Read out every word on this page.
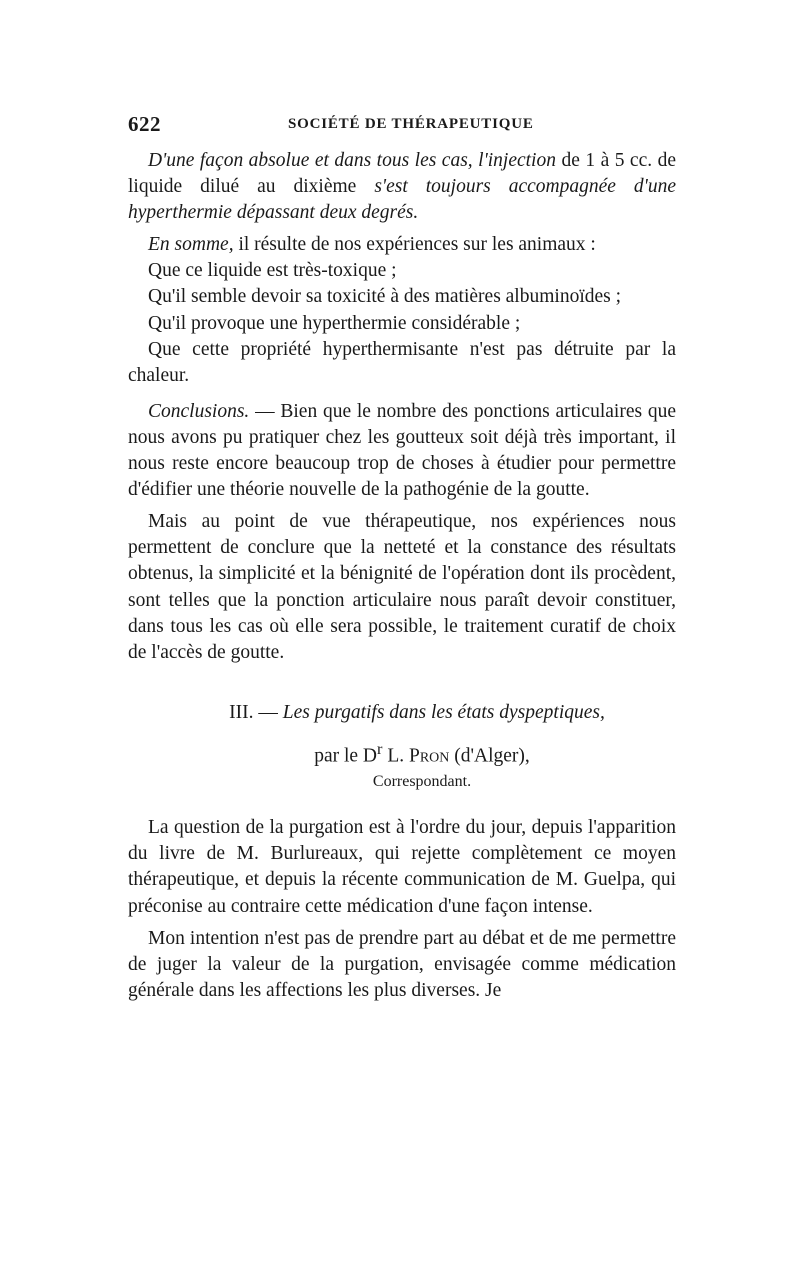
622	SOCIÉTÉ DE THÉRAPEUTIQUE

D'une façon absolue et dans tous les cas, l'injection de 1 à 5 cc. de liquide dilué au dixième s'est toujours accompagnée d'une hyperthermie dépassant deux degrés.

En somme, il résulte de nos expériences sur les animaux :

Que ce liquide est très-toxique ;

Qu'il semble devoir sa toxicité à des matières albuminoïdes ;

Qu'il provoque une hyperthermie considérable ;

Que cette propriété hyperthermisante n'est pas détruite par la chaleur.

Conclusions. — Bien que le nombre des ponctions articulaires que nous avons pu pratiquer chez les goutteux soit déjà très important, il nous reste encore beaucoup trop de choses à étudier pour permettre d'édifier une théorie nouvelle de la pathogénie de la goutte.

Mais au point de vue thérapeutique, nos expériences nous permettent de conclure que la netteté et la constance des résultats obtenus, la simplicité et la bénignité de l'opération dont ils procèdent, sont telles que la ponction articulaire nous paraît devoir constituer, dans tous les cas où elle sera possible, le traitement curatif de choix de l'accès de goutte.

III. — Les purgatifs dans les états dyspeptiques,
par le $D^r$ L. Pron (d'Alger),
Correspondant.

La question de la purgation est à l'ordre du jour, depuis l'apparition du livre de M. Burlureaux, qui rejette complètement ce moyen thérapeutique, et depuis la récente communication de M. Guelpa, qui préconise au contraire cette médication d'une façon intense.

Mon intention n'est pas de prendre part au débat et de me permettre de juger la valeur de la purgation, envisagée comme médication générale dans les affections les plus diverses. Je
